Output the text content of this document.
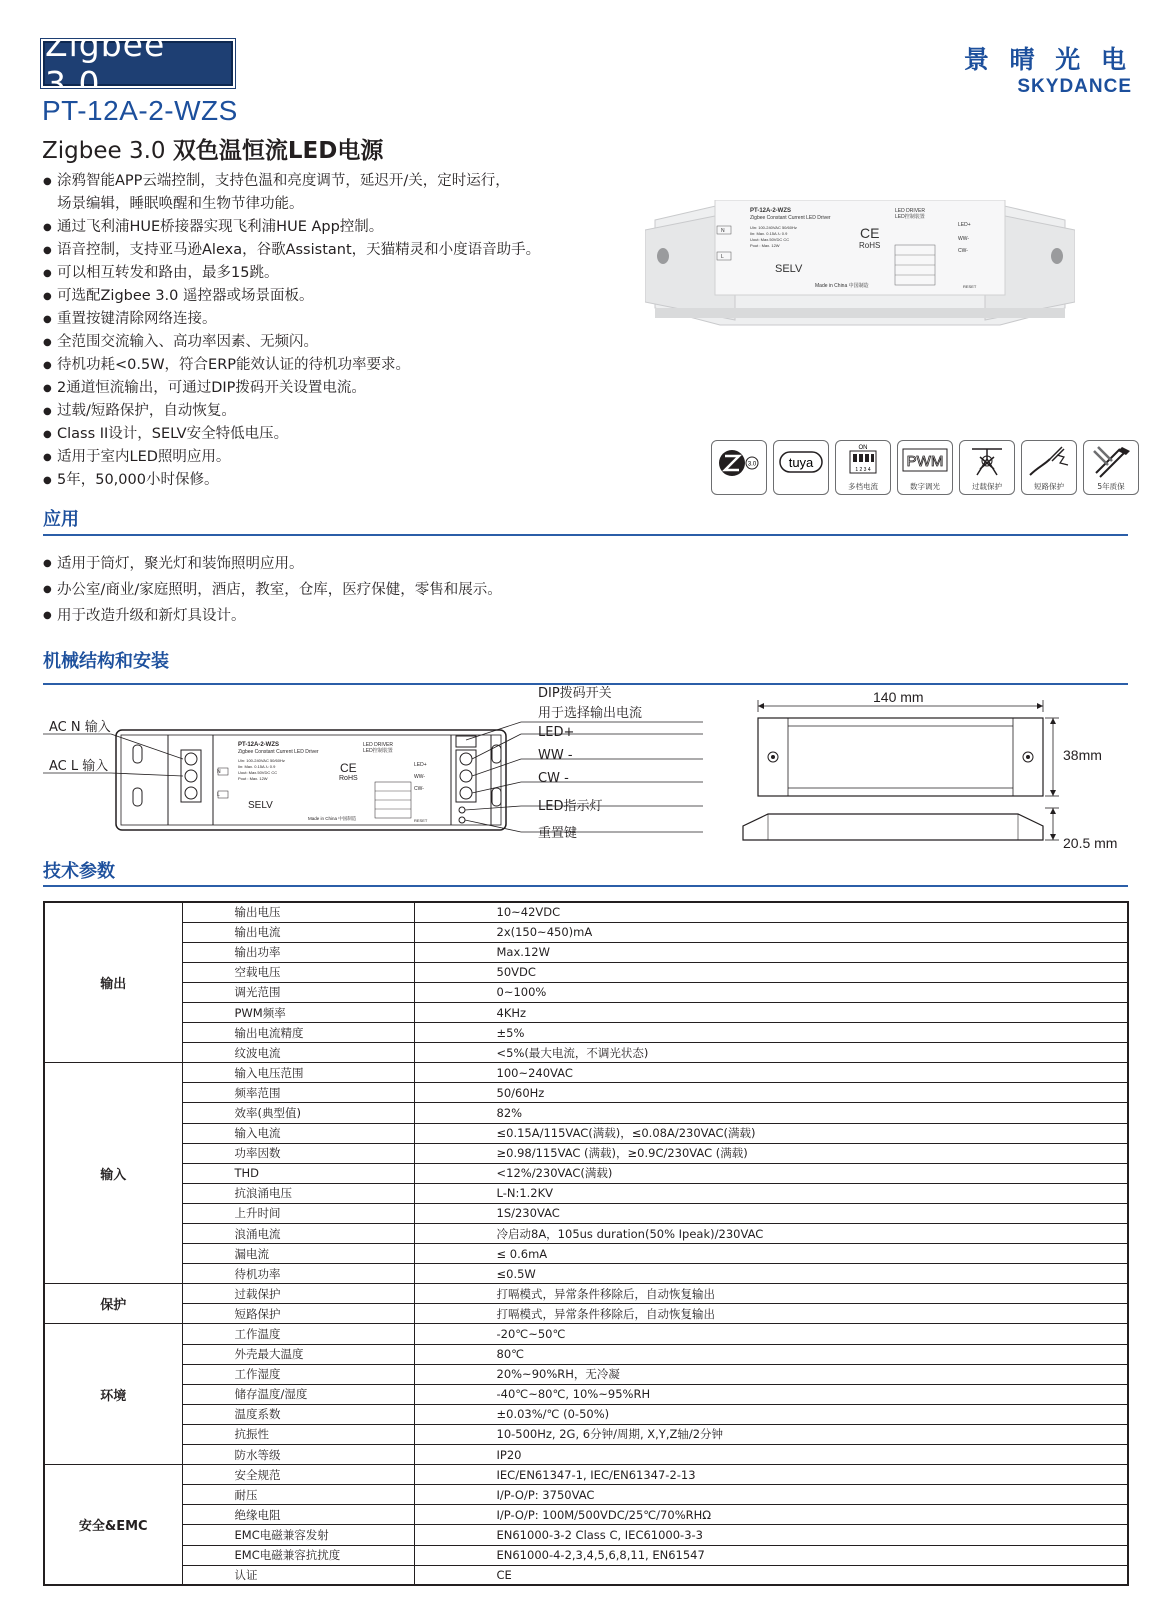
Zigbee 3.0
景 晴 光 电
SKYDANCE
PT-12A-2-WZS
Zigbee 3.0 双色温恒流LED电源
● 涂鸦智能APP云端控制，支持色温和亮度调节，延迟开/关，定时运行，
场景编辑，睡眠唤醒和生物节律功能。
● 通过飞利浦HUE桥接器实现飞利浦HUE App控制。
● 语音控制，支持亚马逊Alexa，谷歌Assistant，天猫精灵和小度语音助手。
● 可以相互转发和路由，最多15跳。
● 可选配Zigbee 3.0 遥控器或场景面板。
● 重置按键清除网络连接。
● 全范围交流输入、高功率因素、无频闪。
● 待机功耗<0.5W，符合ERP能效认证的待机功率要求。
● 2通道恒流输出，可通过DIP拨码开关设置电流。
● 过载/短路保护，自动恢复。
● Class II设计，SELV安全特低电压。
● 适用于室内LED照明应用。
● 5年，50,000小时保修。
PT-12A-2-WZS
Zigbee Constant Current LED Driver
Uin: 100-240VAC 50/60Hz
Iin: Max. 0.15A λ: 0.9
Uout: Max.50VDC CC
Pout : Max. 12W
LED DRIVER
LED控制装置
CE
RoHS
SELV
Made in China 中国制造
LED+
WW-
CW-
RESET
N
L
3.0	tuya
ON
1 2 3 4
多档电流
PWM
数字调光	过载保护	短路保护	5年质保
应用
● 适用于筒灯，聚光灯和装饰照明应用。
● 办公室/商业/家庭照明，酒店，教室，仓库，医疗保健，零售和展示。
● 用于改造升级和新灯具设计。
机械结构和安装
PT-12A-2-WZS
Zigbee Constant Current LED Driver
Uin: 100-240VAC 50/60Hz
Iin: Max. 0.15A λ: 0.9
Uout: Max.50VDC CC
Pout : Max. 12W
LED DRIVER
LED控制装置
CE
RoHS
SELV
Made in China 中国制造
LED+
WW-
CW-
RESET
N
L
AC N 输入
AC L 输入
DIP拨码开关
用于选择输出电流
LED+
WW -
CW -
LED指示灯
重置键
140 mm
38mm
20.5 mm
技术参数
输出	输出电压	10~42VDC
	输出电流	2x(150~450)mA
	输出功率	Max.12W
	空载电压	50VDC
	调光范围	0~100%
	PWM频率	4KHz
	输出电流精度	±5%
	纹波电流	<5%(最大电流，不调光状态)
输入	输入电压范围	100~240VAC
	频率范围	50/60Hz
	效率(典型值)	82%
	输入电流	≤0.15A/115VAC(满载)，≤0.08A/230VAC(满载)
	功率因数	≥0.98/115VAC (满载)，≥0.9C/230VAC (满载)
	THD	<12%/230VAC(满载)
	抗浪涌电压	L-N:1.2KV
	上升时间	1S/230VAC
	浪涌电流	冷启动8A，105us duration(50% Ipeak)/230VAC
	漏电流	≤ 0.6mA
	待机功率	≤0.5W
保护	过载保护	打嗝模式，异常条件移除后，自动恢复输出
	短路保护	打嗝模式，异常条件移除后，自动恢复输出
环境	工作温度	-20℃~50℃
	外壳最大温度	80℃
	工作湿度	20%~90%RH，无冷凝
	储存温度/湿度	-40℃~80℃, 10%~95%RH
	温度系数	±0.03%/℃ (0-50%)
	抗振性	10-500Hz, 2G, 6分钟/周期, X,Y,Z轴/2分钟
	防水等级	IP20
安全&EMC	安全规范	IEC/EN61347-1, IEC/EN61347-2-13
	耐压	I/P-O/P: 3750VAC
	绝缘电阻	I/P-O/P: 100M/500VDC/25℃/70%RHΩ
	EMC电磁兼容发射	EN61000-3-2 Class C, IEC61000-3-3
	EMC电磁兼容抗扰度	EN61000-4-2,3,4,5,6,8,11, EN61547
	认证	CE
